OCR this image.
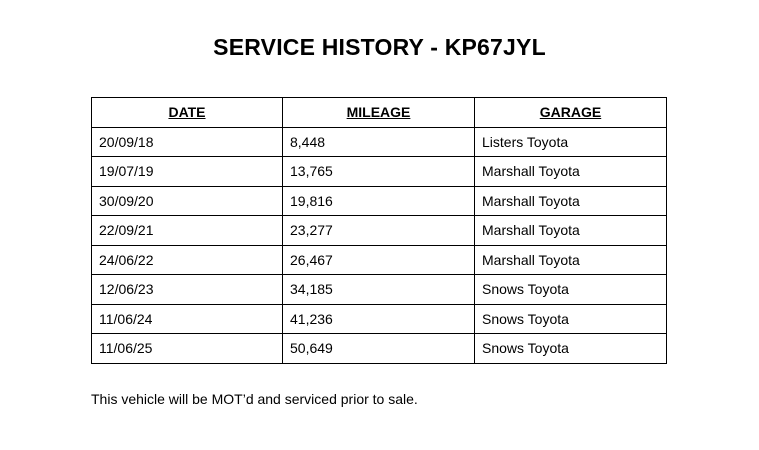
SERVICE HISTORY - KP67JYL
DATE	MILEAGE	GARAGE
20/09/18	8,448	Listers Toyota
19/07/19	13,765	Marshall Toyota
30/09/20	19,816	Marshall Toyota
22/09/21	23,277	Marshall Toyota
24/06/22	26,467	Marshall Toyota
12/06/23	34,185	Snows Toyota
11/06/24	41,236	Snows Toyota
11/06/25	50,649	Snows Toyota
This vehicle will be MOT’d and serviced prior to sale.
